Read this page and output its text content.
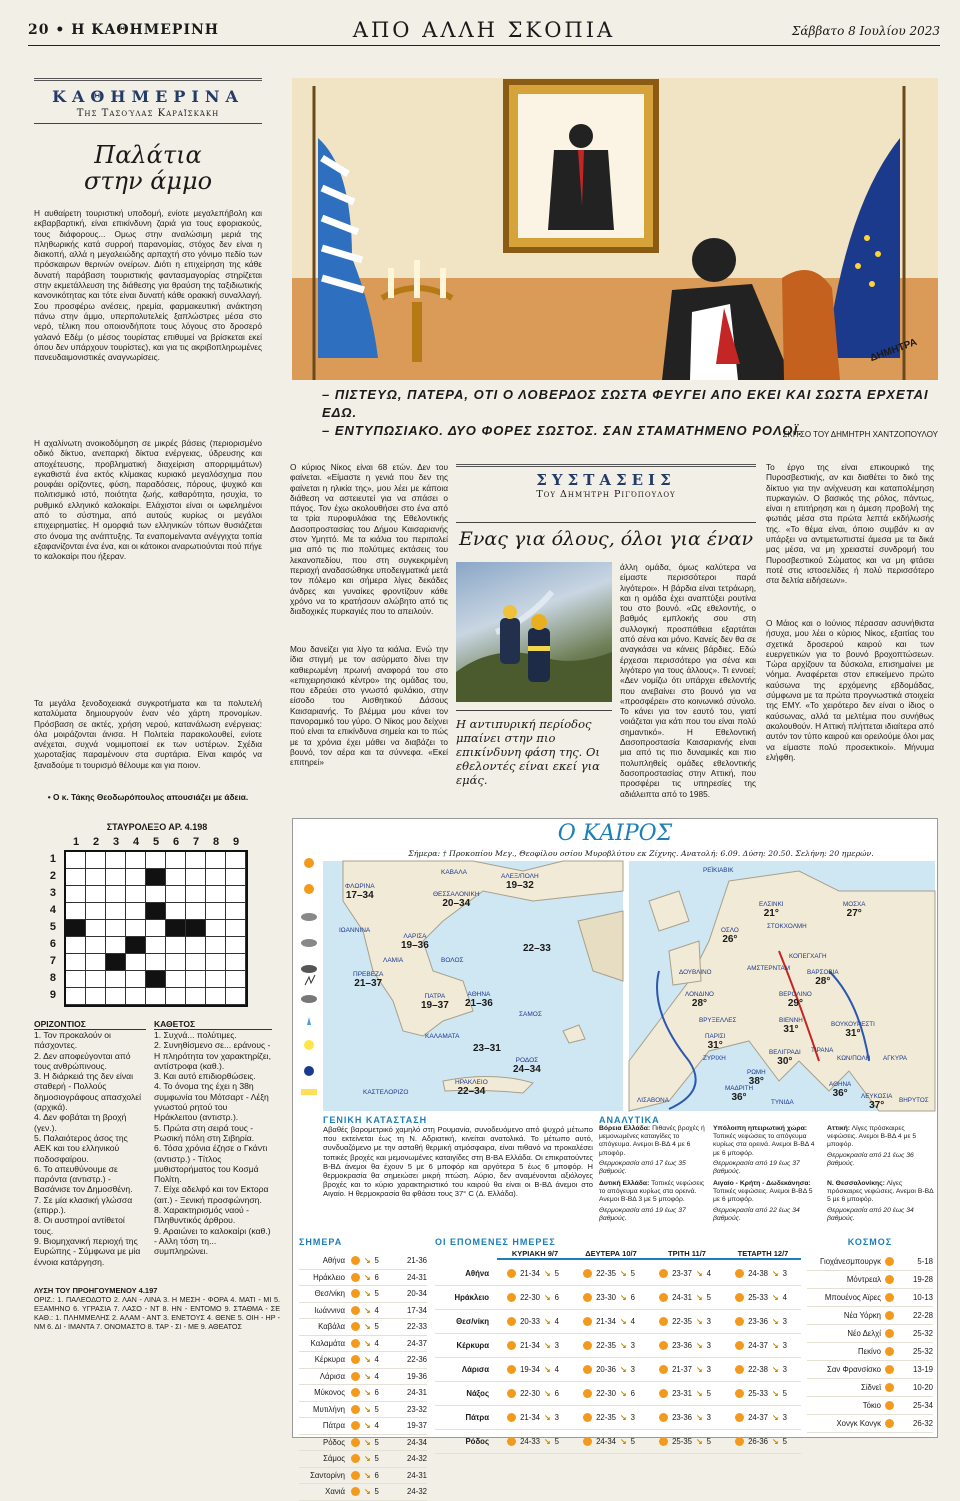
20 • Η ΚΑΘΗΜΕΡΙΝΗ	ΑΠΟ ΑΛΛΗ ΣΚΟΠΙΑ	Σάββατο 8 Ιουλίου 2023
ΚΑΘΗΜΕΡΙΝΑ
Της Τασούλας Καραΐσκάκη
Παλάτια
στην άμμο
Η αυθαίρετη τουριστική υποδομή, ενίοτε μεγαλεπήβολη και εκβαρβαρτική, είναι επικίνδυνη ζαριά για τους εφοριακούς, τους διάφορους... Ομως στην αναλώσιμη μεριά της πληθωρικής κατά συρροή παρανομίας, στόχος δεν είναι η διακοπή, αλλά η μεγαλειώδης αρπαχτή στο γόνιμο πεδίο των πρόσκαιρων θερινών ονείρων. Διότι η επιχείρηση της κάθε δυνατή παράβαση τουριστικής φαντασμαγορίας στηρίζεται στην εκμετάλλευση της διάθεσης για θραύση της ταξιδιωτικής κανονικότητας και τότε είναι δυνατή κάθε ορακική συναλλαγή. Σου προσφέρω ανέσεις, ηρεμία, φαρμακευτική ανάκτηση πάνω στην άμμο, υπερπολυτελείς ξαπλώστρες μέσα στο νερό, τέλικη που οποιονδήποτε τους λόγους στο δροσερό γαλανό Εδέμ (ο μέσος τουρίστας επιθυμεί να βρίσκεται εκεί όπου δεν υπάρχουν τουρίστες), και για τις ακριβοπληρωμένες πανευδαιμονιστικές αναγνωρίσεις.
Η αχαλίνωτη ανοικοδόμηση σε μικρές βάσεις (περιορισμένο οδικό δίκτυο, ανεπαρκή δίκτυα ενέργειας, ύδρευσης και αποχέτευσης, προβληματική διαχείριση απορριμμάτων) εγκαθιστά ένα εκτός κλίμακας κυριακό μεγαλόσχημα που ρουφάει ορίζοντες, φύση, παραδόσεις, πόρους, ψυχικό και πολιτισμικό ιστό, ποιότητα ζωής, καθαρότητα, ησυχία, το ρυθμικό ελληνικό καλοκαίρι. Ελάχιστοι είναι οι ωφελημένοι από το σύστημα, από αυτούς κυρίως οι μεγάλοι επιχειρηματίες. Η ομορφιά των ελληνικών τόπων θυσιάζεται στο όνομα της ανάπτυξης. Τα εναπομείναντα ανέγγιχτα τοπία εξαφανίζονται ένα ένα, και οι κάτοικοι αναρωτιούνται πού πήγε το καλοκαίρι που ήξεραν.
Τα μεγάλα ξενοδοχειακά συγκροτήματα και τα πολυτελή καταλύματα δημιουργούν έναν νέο χάρτη προνομίων. Πρόσβαση σε ακτές, χρήση νερού, κατανάλωση ενέργειας: όλα μοιράζονται άνισα. Η Πολιτεία παρακολουθεί, ενίοτε ανέχεται, συχνά νομιμοποιεί εκ των υστέρων. Σχέδια χωροταξίας παραμένουν στα συρτάρια. Είναι καιρός να ξαναδούμε τι τουρισμό θέλουμε και για ποιον.
• Ο κ. Τάκης Θεοδωρόπουλος απουσιάζει με άδεια.
ΔΗΜΗΤΡΑ
– ΠΙΣΤΕΥΩ, ΠΑΤΕΡΑ, ΟΤΙ Ο ΛΟΒΕΡΔΟΣ ΣΩΣΤΑ ΦΕΥΓΕΙ ΑΠΟ ΕΚΕΙ ΚΑΙ ΣΩΣΤΑ ΕΡΧΕΤΑΙ ΕΔΩ.
– ΕΝΤΥΠΩΣΙΑΚΟ. ΔΥΟ ΦΟΡΕΣ ΣΩΣΤΟΣ. ΣΑΝ ΣΤΑΜΑΤΗΜΕΝΟ ΡΟΛΟΪ.
ΣΚΙΤΣΟ ΤΟΥ ΔΗΜΗΤΡΗ ΧΑΝΤΖΟΠΟΥΛΟΥ
Ο κύριος Νίκος είναι 68 ετών. Δεν του φαίνεται. «Είμαστε η γενιά που δεν της φαίνεται η ηλικία της», μου λέει με κάποια διάθεση να αστειευτεί για να σπάσει ο πάγος. Τον έχω ακολουθήσει στο ένα από τα τρία πυροφυλάκια της Εθελοντικής Δασοπροστασίας του Δήμου Καισαριανής στον Υμηττό. Με τα κιάλια του περιπολεί μια από τις πιο πολύτιμες εκτάσεις του λεκανοπεδίου, που στη συγκεκριμένη περιοχή αναδασώθηκε υποδειγματικά μετά τον πόλεμο και σήμερα λίγες δεκάδες άνδρες και γυναίκες φροντίζουν κάθε χρόνο να το κρατήσουν αλώβητο από τις διαδοχικές πυρκαγιές που το απειλούν.
ΣΥΣΤΑΣΕΙΣ
Του Δημήτρη Ριγόπουλου
Ενας για όλους, όλοι για έναν
Η αντιπυρική περίοδος μπαίνει στην πιο επικίνδυνη φάση της. Οι εθελοντές είναι εκεί για εμάς.
Μου δανείζει για λίγο τα κιάλια. Ενώ την ίδια στιγμή με τον ασύρματο δίνει την καθιερωμένη πρωινή αναφορά του στο «επιχειρησιακό κέντρο» της ομάδας του, που εδρεύει στο γνωστό φυλάκιο, στην είσοδο του Αισθητικού Δάσους Καισαριανής. Το βλέμμα μου κάνει τον πανοραμικό του γύρο. Ο Νίκος μου δείχνει πού είναι τα επικίνδυνα σημεία και το πώς με τα χρόνια έχει μάθει να διαβάζει το βουνό, τον αέρα και τα σύννεφα. «Εκεί επιτηρεί»
άλλη ομάδα, όμως καλύτερα να είμαστε περισσότεροι παρά λιγότεροι». Η βάρδια είναι τετράωρη, και η ομάδα έχει αναπτύξει ρουτίνα του στο βουνό. «Ως εθελοντής, ο βαθμός εμπλοκής σου στη συλλογική προσπάθεια εξαρτάται από σένα και μόνο. Κανείς δεν θα σε αναγκάσει να κάνεις βάρδιες. Εδώ έρχεσαι περισσότερο για σένα και λιγότερο για τους άλλους». Τι εννοεί; «Δεν νομίζω ότι υπάρχει εθελοντής που ανεβαίνει στο βουνό για να «προσφέρει» στο κοινωνικό σύνολο. Το κάνει για τον εαυτό του, γιατί νοιάζεται για κάτι που του είναι πολύ σημαντικό». Η Εθελοντική Δασοπροστασία Καισαριανής είναι μια από τις πιο δυναμικές και πιο πολυπληθείς ομάδες εθελοντικής δασοπροστασίας στην Αττική, που προσφέρει τις υπηρεσίες της αδιάλειπτα από το 1985.
Το έργο της είναι επικουρικό της Πυροσβεστικής, αν και διαθέτει το δικό της δίκτυο για την ανίχνευση και καταπολέμηση πυρκαγιών. Ο βασικός της ρόλος, πάντως, είναι η επιτήρηση και η άμεση προβολή της φωτιάς μέσα στα πρώτα λεπτά εκδήλωσής της. «Το θέμα είναι, όποιο συμβάν κι αν υπάρξει να αντιμετωπιστεί άμεσα με τα δικά μας μέσα, να μη χρειαστεί συνδρομή του Πυροσβεστικού Σώματος και να μη φτάσει ποτέ στις ιστοσελίδες ή πολύ περισσότερο στα δελτία ειδήσεων».
Ο Μάιος και ο Ιούνιος πέρασαν ασυνήθιστα ήσυχα, μου λέει ο κύριος Νίκος, εξαιτίας του σχετικά δροσερού καιρού και των ευεργετικών για το βουνό βροχοπτώσεων. Τώρα αρχίζουν τα δύσκολα, επισημαίνει με νόημα. Αναφέρεται στον επικείμενο πρώτο καύσωνα της ερχόμενης εβδομάδας, σύμφωνα με τα πρώτα προγνωστικά στοιχεία της ΕΜΥ. «Το χειρότερο δεν είναι ο ίδιος ο καύσωνας, αλλά τα μελτέμια που συνήθως ακολουθούν. Η Αττική πλήττεται ιδιαίτερα από αυτόν τον τύπο καιρού και ορειλούμε όλοι μας να είμαστε πολύ προσεκτικοί». Μήνυμα ελήφθη.
ΣΤΑΥΡΟΛΕΞΟ ΑΡ. 4.198
1	2	3	4	5	6	7	8	9
1
2
3
4
5
6
7
8
9
ΟΡΙΖΟΝΤΙΟΣ
1. Τον προκαλούν οι πάσχοντες.
2. Δεν αποφεύγονται από τους ανθρώπινους.
3. Η διάρκειά της δεν είναι σταθερή - Πολλούς δημοσιογράφους απασχολεί (αρχικά).
4. Δεν φοβάται τη βροχή (γεν.).
5. Παλαιότερος άσος της ΑΕΚ και του ελληνικού ποδοσφαίρου.
6. Το απευθύνουμε σε παρόντα (αντιστρ.) - Βασάνισε τον Δημοσθένη.
7. Σε μία κλασική γλώσσα (επιρρ.).
8. Οι αυστηροί αντίθετοί τους.
9. Βιομηχανική περιοχή της Ευρώπης - Σύμφωνα με μία έννοια κατάργηση.
ΚΑΘΕΤΟΣ
1. Συχνά... πολύτιμες.
2. Συνηθίσμενο σε... εράνους - Η πληρότητα τον χαρακτηρίζει, αντίστροφα (καθ.).
3. Και αυτό επιδιορθώσεις.
4. Το όνομα της έχει η 38η συμφωνία του Μότσαρτ - Λέξη γνωστού ρητού του Ηράκλειτου (αντιστρ.).
5. Πρώτα στη σειρά τους - Ρωσική πόλη στη Σιβηρία.
6. Τόσα χρόνια έζησε ο Γκάντι (αντιστρ.) - Τίτλος μυθιστορήματος του Κοσμά Πολίτη.
7. Είχε αδελφό και τον Εκτορα (αιτ.) - Ξενική προσφώνηση.
8. Χαρακτηρισμός ναού - Πληθυντικός άρθρου.
9. Αραιώνει το καλοκαίρι (καθ.) - Αλλη τόση τη... συμπληρώνει.
ΛΥΣΗ ΤΟΥ ΠΡΟΗΓΟΥΜΕΝΟΥ 4.197
ΟΡΙΖ.: 1. ΠΑΛΕΟΔΟΤΟ 2. ΛΑΝ - ΛΙΝΑ 3. Η ΜΕΣΗ - ΦΟΡΑ 4. ΜΑΤΙ - ΜΙ 5. ΕΞΑΜΗΝΟ 6. ΥΓΡΑΣΙΑ 7. ΛΑΣΟ - ΝΤ 8. ΗΝ - ΕΝΤΟΜΟ 9. ΣΤΑΘΜΑ - ΣΕ ΚΑΘ.: 1. ΠΛΗΜΜΕΛΗΣ 2. ΑΛΑΜ - ΑΝΤ 3. ΕΝΕΤΟΥΣ 4. ΘΕΝΕ 5. ΟΙΗ - ΗΡ - ΝΜ 6. ΔΙ - ΙΜΑΝΤΑ 7. ΟΝΟΜΑΣΤΟ 8. ΤΑΡ - ΣΙ - ΜΕ 9. ΑΘΕΑΤΟΣ
Ο ΚΑΙΡΟΣ
Σήμερα: † Προκοπίου Μεγ., Θεοφίλου οσίου Μυροβλύτου εκ Ζίχνης. Ανατολή: 6.09. Δύση: 20.50. Σελήνη: 20 ημερών.
ΦΛΩΡΙΝΑ
17–34
ΚΑΒΑΛΑ
ΘΕΣΣΑΛΟΝΙΚΗ
20–34
ΑΛΕΞ/ΠΟΛΗ
19–32
ΙΩΑΝΝΙΝΑ
ΛΑΡΙΣΑ
19–36
ΒΟΛΟΣ
ΠΡΕΒΕΖΑ
21–37
ΛΑΜΙΑ
ΠΑΤΡΑ
19–37
ΑΘΗΝΑ
21–36
ΣΑΜΟΣ
ΚΑΛΑΜΑΤΑ
ΡΟΔΟΣ
24–34
ΗΡΑΚΛΕΙΟ
22–34
ΚΑΣΤΕΛΟΡΙΖΟ
22–33
23–31
ΡΕΪΚΙΑΒΙΚ
ΕΛΣΙΝΚΙ
21°
ΟΣΛΟ
26°
ΣΤΟΚΧΟΛΜΗ
ΜΟΣΧΑ
27°
ΚΟΠΕΓΧΑΓΗ
ΔΟΥΒΛΙΝΟ
ΑΜΣΤΕΡΝΤΑΜ
ΛΟΝΔΙΝΟ
28°
ΒΕΡΟΛΙΝΟ
29°
ΒΑΡΣΟΒΙΑ
28°
ΒΡΥΞΕΛΛΕΣ
ΠΑΡΙΣΙ
31°
ΒΙΕΝΝΗ
31°
ΖΥΡΙΧΗ
ΒΕΛΙΓΡΑΔΙ
30°
ΒΟΥΚΟΥΡΕΣΤΙ
31°
ΡΩΜΗ
38°
ΤΙΡΑΝΑ
ΚΩΝ/ΠΟΛΗ ΑΓΚΥΡΑ
ΜΑΔΡΙΤΗ
36°
ΛΙΣΑΒΟΝΑ
ΑΘΗΝΑ
36°	ΛΕΥΚΩΣΙΑ
37°	ΒΗΡΥΤΟΣ
ΤΥΝΙΔΑ
ΓΕΝΙΚΗ ΚΑΤΑΣΤΑΣΗ
Αβαθές βαρομετρικό χαμηλό στη Ρουμανία, συνοδευόμενο από ψυχρό μέτωπο που εκτείνεται έως τη Ν. Αδριατική, κινείται ανατολικά. Το μέτωπο αυτό, συνδυαζόμενο με την ασταθή θερμική ατμόσφαιρα, είναι πιθανό να προκαλέσει τοπικές βροχές και μεμονωμένες καταιγίδες στη Β-ΒΑ Ελλάδα. Οι επικρατούντες Β-ΒΔ άνεμοι θα έχουν 5 με 6 μποφόρ και αργότερα 5 έως 6 μποφόρ. Η θερμοκρασία θα σημειώσει μικρή πτώση. Αύριο, δεν αναμένονται αξιόλογες βροχές και το κύριο χαρακτηριστικό του καιρού θα είναι οι Β-ΒΔ άνεμοι στο Αιγαίο. Η θερμοκρασία θα φθάσει τους 37° C (Δ. Ελλάδα).
ΑΝΑΛΥΤΙΚΑ
Βόρεια Ελλάδα: Πιθανές βροχές ή μεμονωμένες καταιγίδες το απόγευμα. Ανεμοι Β-ΒΔ 4 με 6 μποφόρ.
Θερμοκρασία από 17 έως 35 βαθμούς.
Υπόλοιπη ηπειρωτική χώρα: Τοπικές νεφώσεις το απόγευμα κυρίως στα ορεινά. Ανεμοι Β-ΒΔ 4 με 6 μποφόρ.
Θερμοκρασία από 19 έως 37 βαθμούς.
Αττική: Λίγες πρόσκαιρες νεφώσεις. Ανεμοι Β-ΒΔ 4 με 5 μποφόρ.
Θερμοκρασία από 21 έως 36 βαθμούς.
Δυτική Ελλάδα: Τοπικές νεφώσεις το απόγευμα κυρίως στα ορεινά. Ανεμοι Β-ΒΔ 3 με 5 μποφόρ.
Θερμοκρασία από 19 έως 37 βαθμούς.
Αιγαίο - Κρήτη - Δωδεκάνησα: Τοπικές νεφώσεις. Ανεμοι Β-ΒΔ 5 με 6 μποφόρ.
Θερμοκρασία από 22 έως 34 βαθμούς.
Ν. Θεσσαλονίκης: Λίγες πρόσκαιρες νεφώσεις. Ανεμοι Β-ΒΔ 5 με 6 μποφόρ.
Θερμοκρασία από 20 έως 34 βαθμούς.
ΣΗΜΕΡΑ
Αθήνα	↘ 5	21-36
Ηράκλειο	↘ 6	24-31
Θεσ/νίκη	↘ 5	20-34
Ιωάννινα	↘ 4	17-34
Καβάλα	↘ 5	22-33
Καλαμάτα	↘ 4	24-37
Κέρκυρα	↘ 4	22-36
Λάρισα	↘ 4	19-36
Μύκονος	↘ 6	24-31
Μυτιλήνη	↘ 5	23-32
Πάτρα	↘ 4	19-37
Ρόδος	↘ 5	24-34
Σάμος	↘ 5	24-32
Σαντορίνη	↘ 6	24-31
Χανιά	↘ 5	24-32
ΟΙ ΕΠΟΜΕΝΕΣ ΗΜΕΡΕΣ
ΚΥΡΙΑΚΗ 9/7	ΔΕΥΤΕΡΑ 10/7	ΤΡΙΤΗ 11/7	ΤΕΤΑΡΤΗ 12/7
Αθήνα	21-34 ↘ 5	22-35 ↘ 5	23-37 ↘ 4	24-38 ↘ 3
Ηράκλειο	22-30 ↘ 6	23-30 ↘ 6	24-31 ↘ 5	25-33 ↘ 4
Θεσ/νίκη	20-33 ↘ 4	21-34 ↘ 4	22-35 ↘ 3	23-36 ↘ 3
Κέρκυρα	21-34 ↘ 3	22-35 ↘ 3	23-36 ↘ 3	24-37 ↘ 3
Λάρισα	19-34 ↘ 4	20-36 ↘ 3	21-37 ↘ 3	22-38 ↘ 3
Νάξος	22-30 ↘ 6	22-30 ↘ 6	23-31 ↘ 5	25-33 ↘ 5
Πάτρα	21-34 ↘ 3	22-35 ↘ 3	23-36 ↘ 3	24-37 ↘ 3
Ρόδος	24-33 ↘ 5	24-34 ↘ 5	25-35 ↘ 5	26-36 ↘ 5
ΚΟΣΜΟΣ
Γιοχάνεσμπουργκ	5-18
Μόντρεαλ	19-28
Μπουένος Αϊρες	10-13
Νέα Υόρκη	22-28
Νέο Δελχί	25-32
Πεκίνο	25-32
Σαν Φρανσίσκο	13-19
Σίδνεϊ	10-20
Τόκιο	25-34
Χονγκ Κονγκ	26-32
